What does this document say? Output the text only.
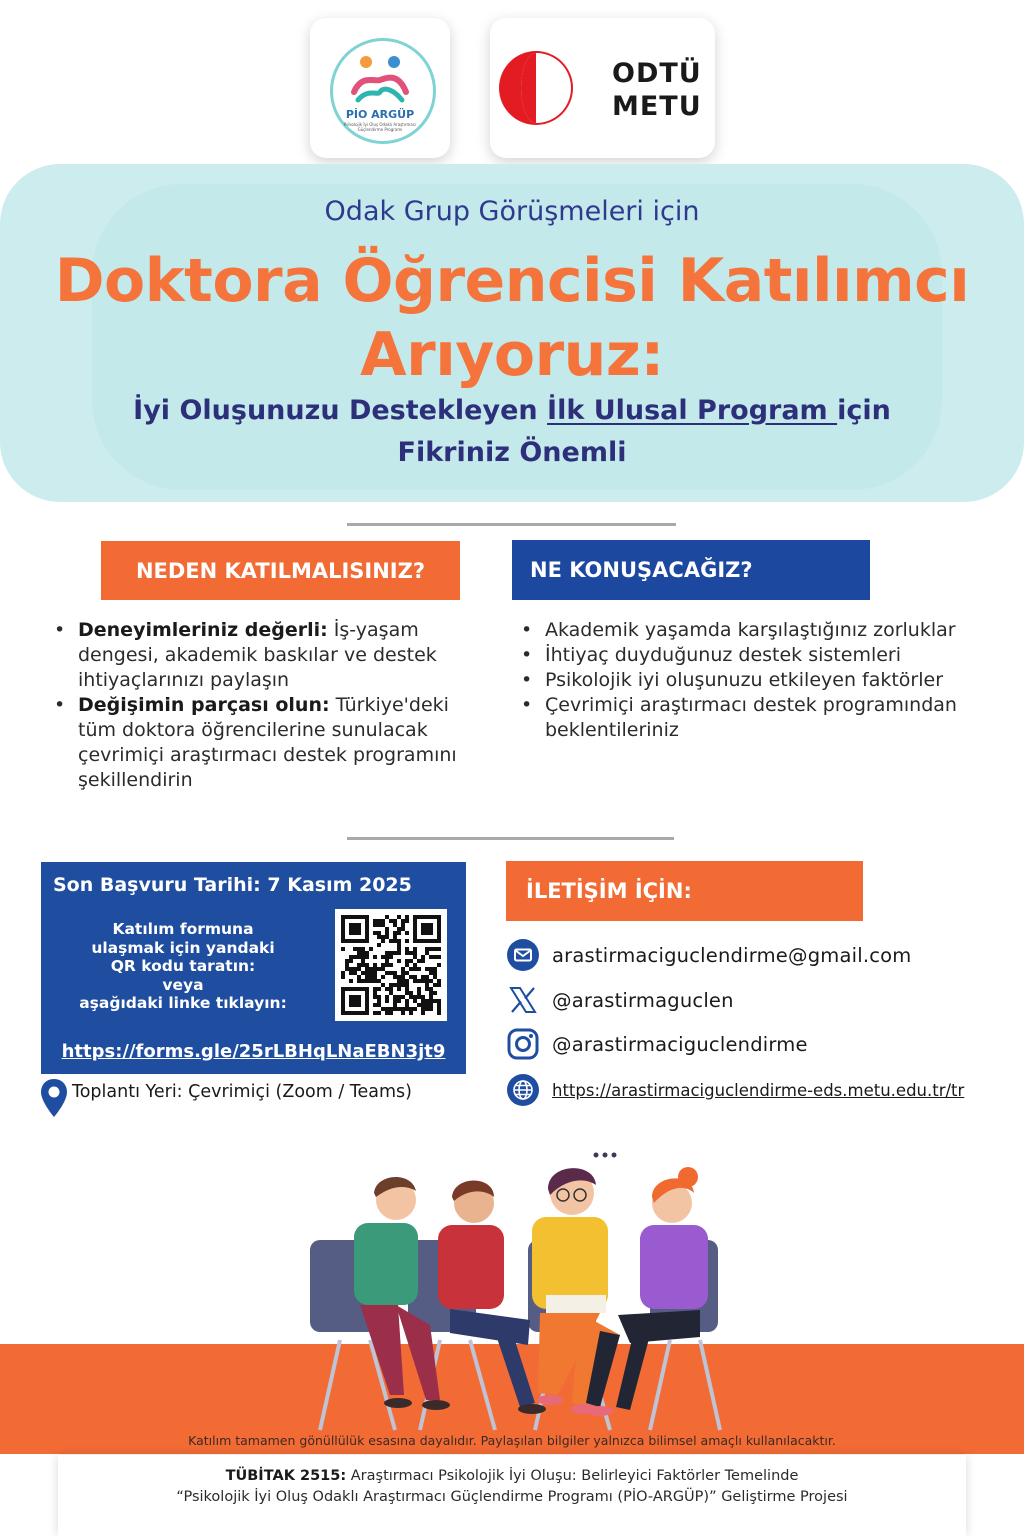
PİO ARGÜP
Psikolojik İyi Oluş Odaklı Araştırmacı Güçlendirme Programı
ODTÜ
METU
Odak Grup Görüşmeleri için
Doktora Öğrencisi Katılımcı
Arıyoruz:
İyi Oluşunuzu Destekleyen İlk Ulusal Program için
Fikriniz Önemli
NEDEN KATILMALISINIZ?
• Deneyimleriniz değerli: İş-yaşam dengesi, akademik baskılar ve destek ihtiyaçlarınızı paylaşın
• Değişimin parçası olun: Türkiye'deki tüm doktora öğrencilerine sunulacak çevrimiçi araştırmacı destek programını şekillendirin
NE KONUŞACAĞIZ?
• Akademik yaşamda karşılaştığınız zorluklar
• İhtiyaç duyduğunuz destek sistemleri
• Psikolojik iyi oluşunuzu etkileyen faktörler
• Çevrimiçi araştırmacı destek programından beklentileriniz
Son Başvuru Tarihi: 7 Kasım 2025
Katılım formuna
ulaşmak için yandaki
QR kodu taratın:
veya
aşağıdaki linke tıklayın:
https://forms.gle/25rLBHqLNaEBN3jt9
Toplantı Yeri: Çevrimiçi (Zoom / Teams)
İLETİŞİM İÇİN:
arastirmaciguclendirme@gmail.com
@arastirmaguclen
@arastirmaciguclendirme
https://arastirmaciguclendirme-eds.metu.edu.tr/tr
Katılım tamamen gönüllülük esasına dayalıdır. Paylaşılan bilgiler yalnızca bilimsel amaçlı kullanılacaktır.
TÜBİTAK 2515: Araştırmacı Psikolojik İyi Oluşu: Belirleyici Faktörler Temelinde
“Psikolojik İyi Oluş Odaklı Araştırmacı Güçlendirme Programı (PİO-ARGÜP)” Geliştirme Projesi
